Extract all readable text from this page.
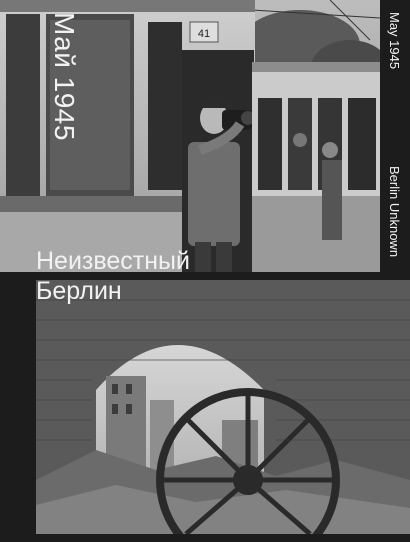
41
Май 1945	May 1945
Berlin Unknown
Неизвестный
Берлин
